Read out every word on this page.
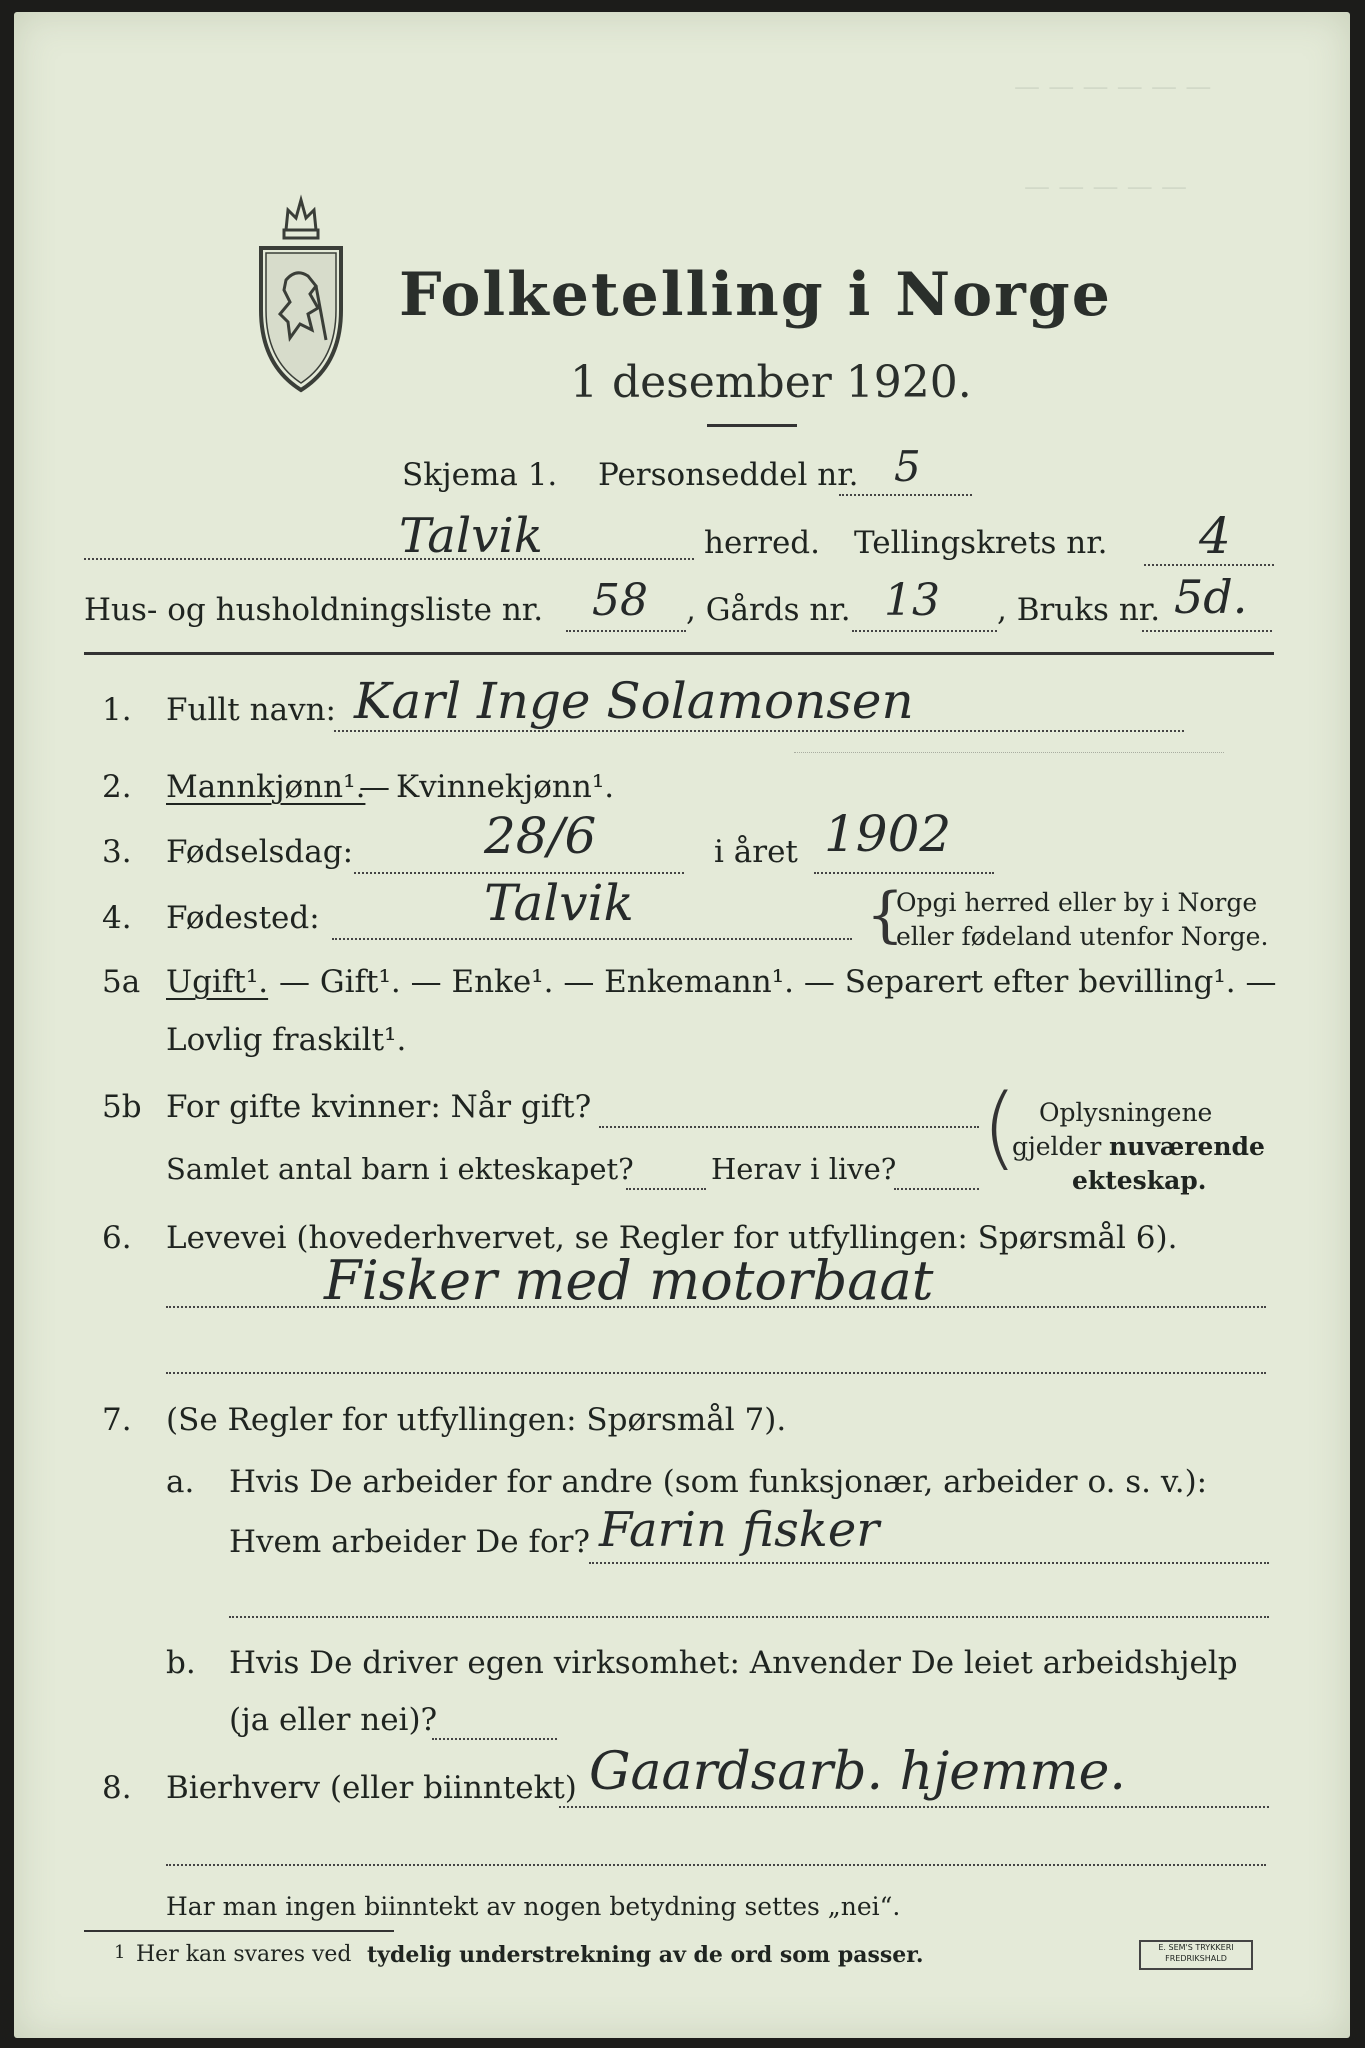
— — — — — —
— — — — —
Folketelling i Norge
1 desember 1920.
Skjema 1. Personseddel nr. 5
Talvik	herred. Tellingskrets nr. 4
Hus- og husholdningsliste nr. 58 , Gårds nr. 13 , Bruks nr. 5d.
1. Fullt navn: Karl Inge Solamonsen
2. Mannkjønn¹.
— Kvinnekjønn¹.
3. Fødselsdag:	28/6	i året 1902
4. Fødested:	Talvik	{
Opgi herred eller by i Norge
eller fødeland utenfor Norge.
5a Ugift¹. — Gift¹. — Enke¹. — Enkemann¹. — Separert efter bevilling¹. —
Lovlig fraskilt¹.
5b For gifte kvinner: Når gift?
Samlet antal barn i ekteskapet?	Herav i live? ( Oplysningene
gjelder nuværende
ekteskap.
6. Levevei (hovederhvervet, se Regler for utfyllingen: Spørsmål 6).
Fisker med motorbaat
7. (Se Regler for utfyllingen: Spørsmål 7).
a. Hvis De arbeider for andre (som funksjonær, arbeider o. s. v.):
Hvem arbeider De for? Farin fisker
b. Hvis De driver egen virksomhet: Anvender De leiet arbeidshjelp
(ja eller nei)?
8. Bierhverv (eller biinntekt) Gaardsarb. hjemme.
Har man ingen biinntekt av nogen betydning settes „nei“.
1 Her kan svares ved tydelig understrekning av de ord som passer.	E. SEM'S TRYKKERI
FREDRIKSHALD
